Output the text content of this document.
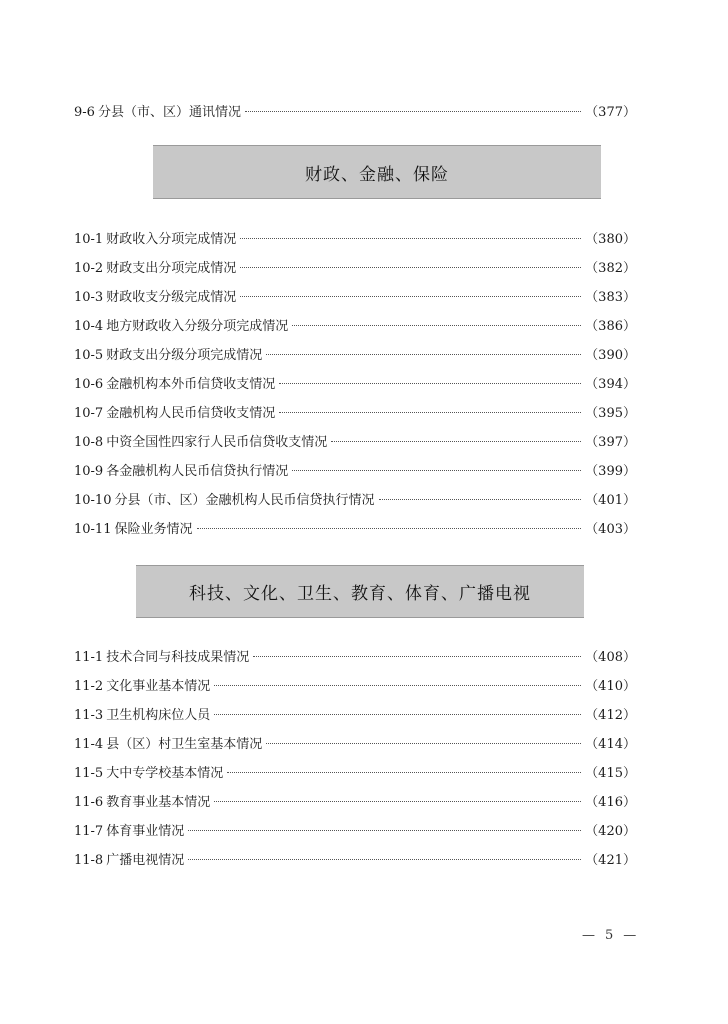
9-6 分县（市、区）通讯情况	（377）
财政、金融、保险
10-1 财政收入分项完成情况	（380）
10-2 财政支出分项完成情况	（382）
10-3 财政收支分级完成情况	（383）
10-4 地方财政收入分级分项完成情况	（386）
10-5 财政支出分级分项完成情况	（390）
10-6 金融机构本外币信贷收支情况	（394）
10-7 金融机构人民币信贷收支情况	（395）
10-8 中资全国性四家行人民币信贷收支情况	（397）
10-9 各金融机构人民币信贷执行情况	（399）
10-10 分县（市、区）金融机构人民币信贷执行情况	（401）
10-11 保险业务情况	（403）
科技、文化、卫生、教育、体育、广播电视
11-1 技术合同与科技成果情况	（408）
11-2 文化事业基本情况	（410）
11-3 卫生机构床位人员	（412）
11-4 县（区）村卫生室基本情况	（414）
11-5 大中专学校基本情况	（415）
11-6 教育事业基本情况	（416）
11-7 体育事业情况	（420）
11-8 广播电视情况	（421）
— 5 —
